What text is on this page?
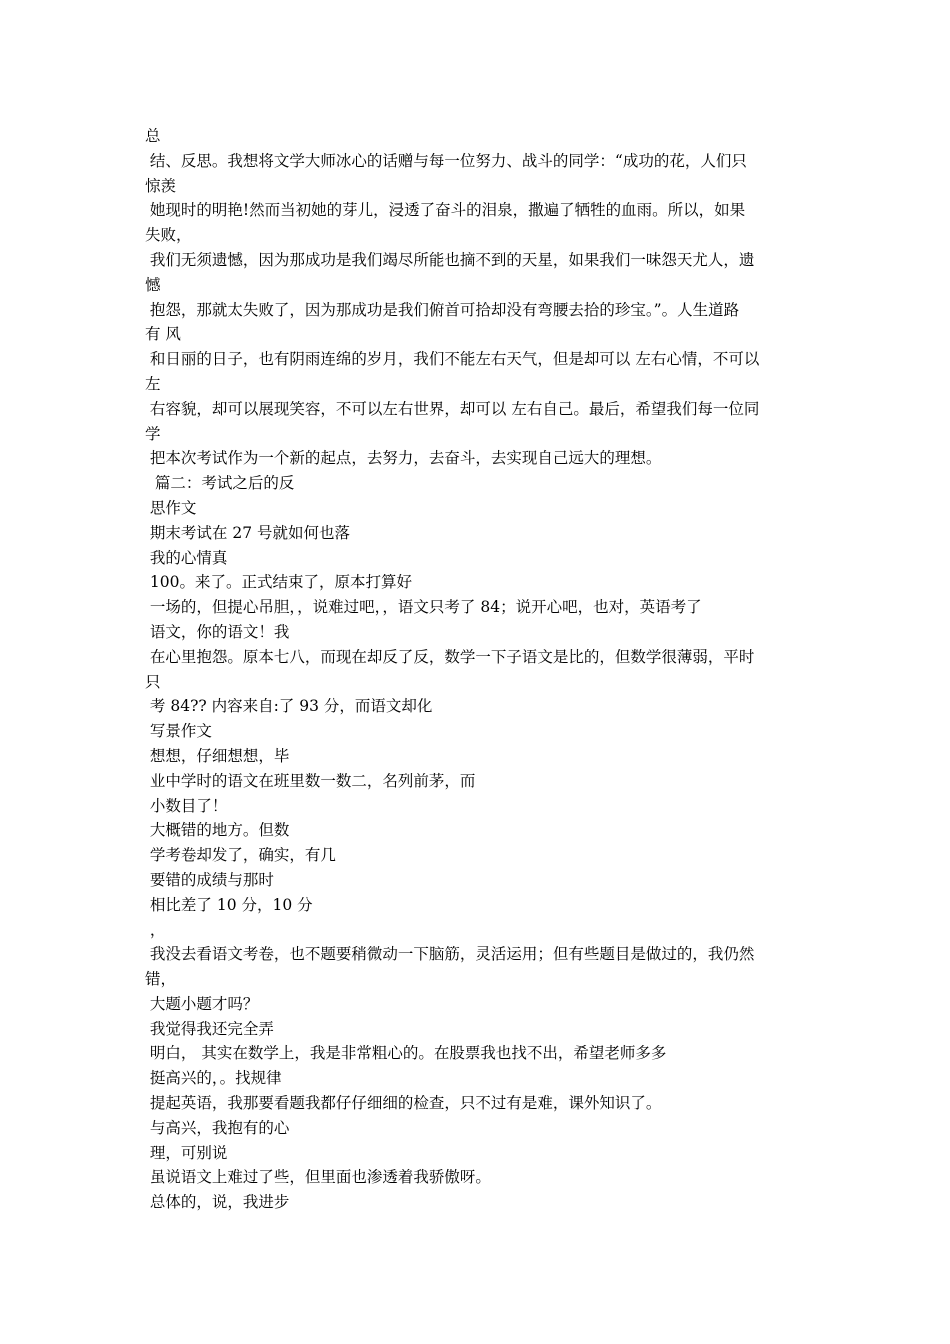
总
结、反思。我想将文学大师冰心的话赠与每一位努力、战斗的同学：“成功的花，人们只
惊羡
她现时的明艳!然而当初她的芽儿，浸透了奋斗的泪泉，撒遍了牺牲的血雨。所以，如果
失败，
我们无须遗憾，因为那成功是我们竭尽所能也摘不到的天星，如果我们一味怨天尤人，遗
憾
抱怨，那就太失败了，因为那成功是我们俯首可拾却没有弯腰去拾的珍宝。”。人生道路
有 风
和日丽的日子，也有阴雨连绵的岁月，我们不能左右天气，但是却可以 左右心情，不可以
左
右容貌，却可以展现笑容，不可以左右世界，却可以 左右自己。最后，希望我们每一位同
学
把本次考试作为一个新的起点，去努力，去奋斗，去实现自己远大的理想。
篇二：考试之后的反
思作文
期末考试在 27 号就如何也落
我的心情真
100。来了。正式结束了，原本打算好
一场的，但提心吊胆，，说难过吧，，语文只考了 84；说开心吧，也对，英语考了
语文，你的语文！我
在心里抱怨。原本七八，而现在却反了反，数学一下子语文是比的，但数学很薄弱，平时
只
考 84?? 内容来自:了 93 分，而语文却化
写景作文
想想，仔细想想，毕
业中学时的语文在班里数一数二，名列前茅，而
小数目了！
大概错的地方。但数
学考卷却发了，确实，有几
要错的成绩与那时
相比差了 10 分，10 分
，
我没去看语文考卷，也不题要稍微动一下脑筋，灵活运用；但有些题目是做过的，我仍然
错，
大题小题才吗？
我觉得我还完全弄
明白， 其实在数学上，我是非常粗心的。在股票我也找不出，希望老师多多
挺高兴的，。找规律
提起英语，我那要看题我都仔仔细细的检查，只不过有是难，课外知识了。
与高兴，我抱有的心
理，可别说
虽说语文上难过了些，但里面也渗透着我骄傲呀。
总体的，说，我进步
